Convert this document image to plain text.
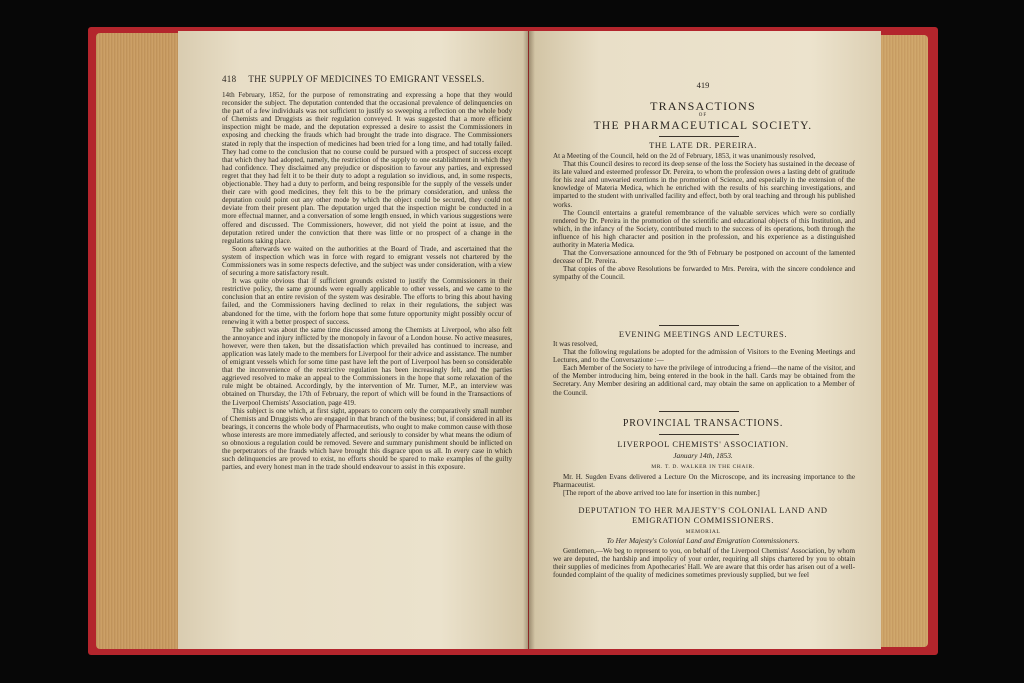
418 THE SUPPLY OF MEDICINES TO EMIGRANT VESSELS.

14th February, 1852, for the purpose of remonstrating and expressing a hope that they would reconsider the subject. The deputation contended that the occasional prevalence of delinquencies on the part of a few individuals was not sufficient to justify so sweeping a reflection on the whole body of Chemists and Druggists as their regulation conveyed. It was suggested that a more efficient inspection might be made, and the deputation expressed a desire to assist the Commissioners in exposing and checking the frauds which had brought the trade into disgrace. The Commissioners stated in reply that the inspection of medicines had been tried for a long time, and had totally failed. They had come to the conclusion that no course could be pursued with a prospect of success except that which they had adopted, namely, the restriction of the supply to one establishment in which they had confidence. They disclaimed any prejudice or disposition to favour any parties, and expressed regret that they had felt it to be their duty to adopt a regulation so invidious, and, in some respects, objectionable. They had a duty to perform, and being responsible for the supply of the vessels under their care with good medicines, they felt this to be the primary consideration, and unless the deputation could point out any other mode by which the object could be secured, they could not deviate from their present plan. The deputation urged that the inspection might be conducted in a more effectual manner, and a conversation of some length ensued, in which various suggestions were offered and discussed. The Commissioners, however, did not yield the point at issue, and the deputation retired under the conviction that there was little or no prospect of a change in the regulations taking place.

Soon afterwards we waited on the authorities at the Board of Trade, and ascertained that the system of inspection which was in force with regard to emigrant vessels not chartered by the Commissioners was in some respects defective, and the subject was under consideration, with a view of securing a more satisfactory result.

It was quite obvious that if sufficient grounds existed to justify the Commissioners in their restrictive policy, the same grounds were equally applicable to other vessels, and we came to the conclusion that an entire revision of the system was desirable. The efforts to bring this about having failed, and the Commissioners having declined to relax in their regulations, the subject was abandoned for the time, with the forlorn hope that some future opportunity might possibly occur of renewing it with a better prospect of success.

The subject was about the same time discussed among the Chemists at Liverpool, who also felt the annoyance and injury inflicted by the monopoly in favour of a London house. No active measures, however, were then taken, but the dissatisfaction which prevailed has continued to increase, and application was lately made to the members for Liverpool for their advice and assistance. The number of emigrant vessels which for some time past have left the port of Liverpool has been so considerable that the inconvenience of the restrictive regulation has been increasingly felt, and the parties aggrieved resolved to make an appeal to the Commissioners in the hope that some relaxation of the rule might be obtained. Accordingly, by the intervention of Mr. Turner, M.P., an interview was obtained on Thursday, the 17th of February, the report of which will be found in the Transactions of the Liverpool Chemists' Association, page 419.

This subject is one which, at first sight, appears to concern only the comparatively small number of Chemists and Druggists who are engaged in that branch of the business; but, if considered in all its bearings, it concerns the whole body of Pharmaceutists, who ought to make common cause with those whose interests are more immediately affected, and seriously to consider by what means the odium of so obnoxious a regulation could be removed. Severe and summary punishment should be inflicted on the perpetrators of the frauds which have brought this disgrace upon us all. In every case in which such delinquencies are proved to exist, no efforts should be spared to make examples of the guilty parties, and every honest man in the trade should endeavour to assist in this exposure.

419
TRANSACTIONS
OF
THE PHARMACEUTICAL SOCIETY.
THE LATE DR. PEREIRA.

At a Meeting of the Council, held on the 2d of February, 1853, it was unanimously resolved,

That this Council desires to record its deep sense of the loss the Society has sustained in the decease of its late valued and esteemed professor Dr. Pereira, to whom the profession owes a lasting debt of gratitude for his zeal and unwearied exertions in the promotion of Science, and especially in the extension of the knowledge of Materia Medica, which he enriched with the results of his searching investigations, and imparted to the student with unrivalled facility and effect, both by oral teaching and through his published works.

The Council entertains a grateful remembrance of the valuable services which were so cordially rendered by Dr. Pereira in the promotion of the scientific and educational objects of this Institution, and which, in the infancy of the Society, contributed much to the success of its operations, both through the influence of his high character and position in the profession, and his experience as a distinguished authority in Materia Medica.

That the Conversazione announced for the 9th of February be postponed on account of the lamented decease of Dr. Pereira.

That copies of the above Resolutions be forwarded to Mrs. Pereira, with the sincere condolence and sympathy of the Council.

EVENING MEETINGS AND LECTURES.

It was resolved,

That the following regulations be adopted for the admission of Visitors to the Evening Meetings and Lectures, and to the Conversazione :—

Each Member of the Society to have the privilege of introducing a friend—the name of the visitor, and of the Member introducing him, being entered in the book in the hall. Cards may be obtained from the Secretary. Any Member desiring an additional card, may obtain the same on application to a Member of the Council.

PROVINCIAL TRANSACTIONS.
LIVERPOOL CHEMISTS' ASSOCIATION.
January 14th, 1853.
MR. T. D. WALKER IN THE CHAIR.

Mr. H. Sugden Evans delivered a Lecture On the Microscope, and its increasing importance to the Pharmaceutist.

[The report of the above arrived too late for insertion in this number.]

DEPUTATION TO HER MAJESTY'S COLONIAL LAND AND EMIGRATION COMMISSIONERS.
MEMORIAL
To Her Majesty's Colonial Land and Emigration Commissioners.

Gentlemen,—We beg to represent to you, on behalf of the Liverpool Chemists' Association, by whom we are deputed, the hardship and impolicy of your order, requiring all ships chartered by you to obtain their supplies of medicines from Apothecaries' Hall. We are aware that this order has arisen out of a well-founded complaint of the quality of medicines sometimes previously supplied, but we feel
